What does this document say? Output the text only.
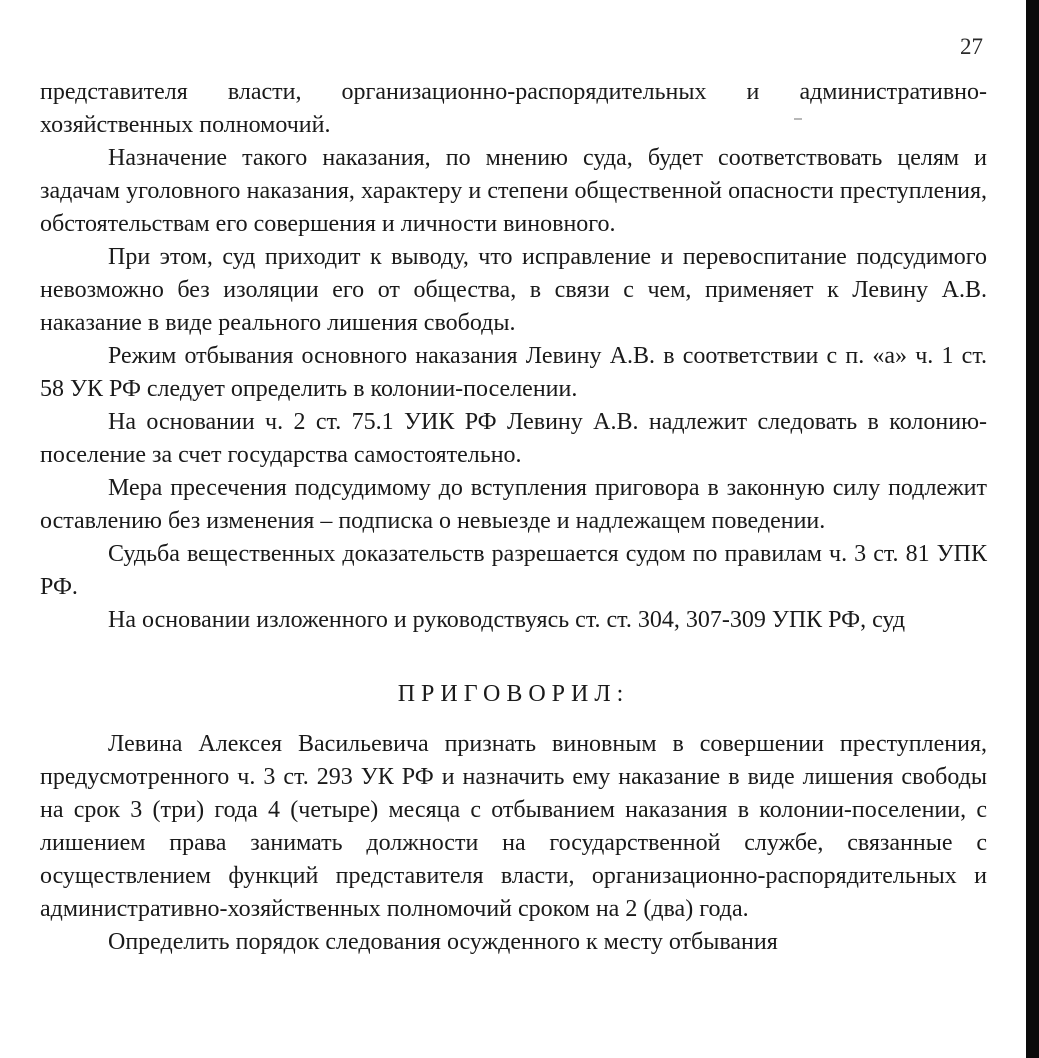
27

представителя власти, организационно-распорядительных и административно-хозяйственных полномочий.

Назначение такого наказания, по мнению суда, будет соответствовать целям и задачам уголовного наказания, характеру и степени общественной опасности преступления, обстоятельствам его совершения и личности виновного.

При этом, суд приходит к выводу, что исправление и перевоспитание подсудимого невозможно без изоляции его от общества, в связи с чем, применяет к Левину А.В. наказание в виде реального лишения свободы.

Режим отбывания основного наказания Левину А.В. в соответствии с п. «а» ч. 1 ст. 58 УК РФ следует определить в колонии-поселении.

На основании ч. 2 ст. 75.1 УИК РФ Левину А.В. надлежит следовать в колонию-поселение за счет государства самостоятельно.

Мера пресечения подсудимому до вступления приговора в законную силу подлежит оставлению без изменения – подписка о невыезде и надлежащем поведении.

Судьба вещественных доказательств разрешается судом по правилам ч. 3 ст. 81 УПК РФ.

На основании изложенного и руководствуясь ст. ст. 304, 307-309 УПК РФ, суд

ПРИГОВОРИЛ:

Левина Алексея Васильевича признать виновным в совершении преступления, предусмотренного ч. 3 ст. 293 УК РФ и назначить ему наказание в виде лишения свободы на срок 3 (три) года 4 (четыре) месяца с отбыванием наказания в колонии-поселении, с лишением права занимать должности на государственной службе, связанные с осуществлением функций представителя власти, организационно-распорядительных и административно-хозяйственных полномочий сроком на 2 (два) года.

Определить порядок следования осужденного к месту отбывания
